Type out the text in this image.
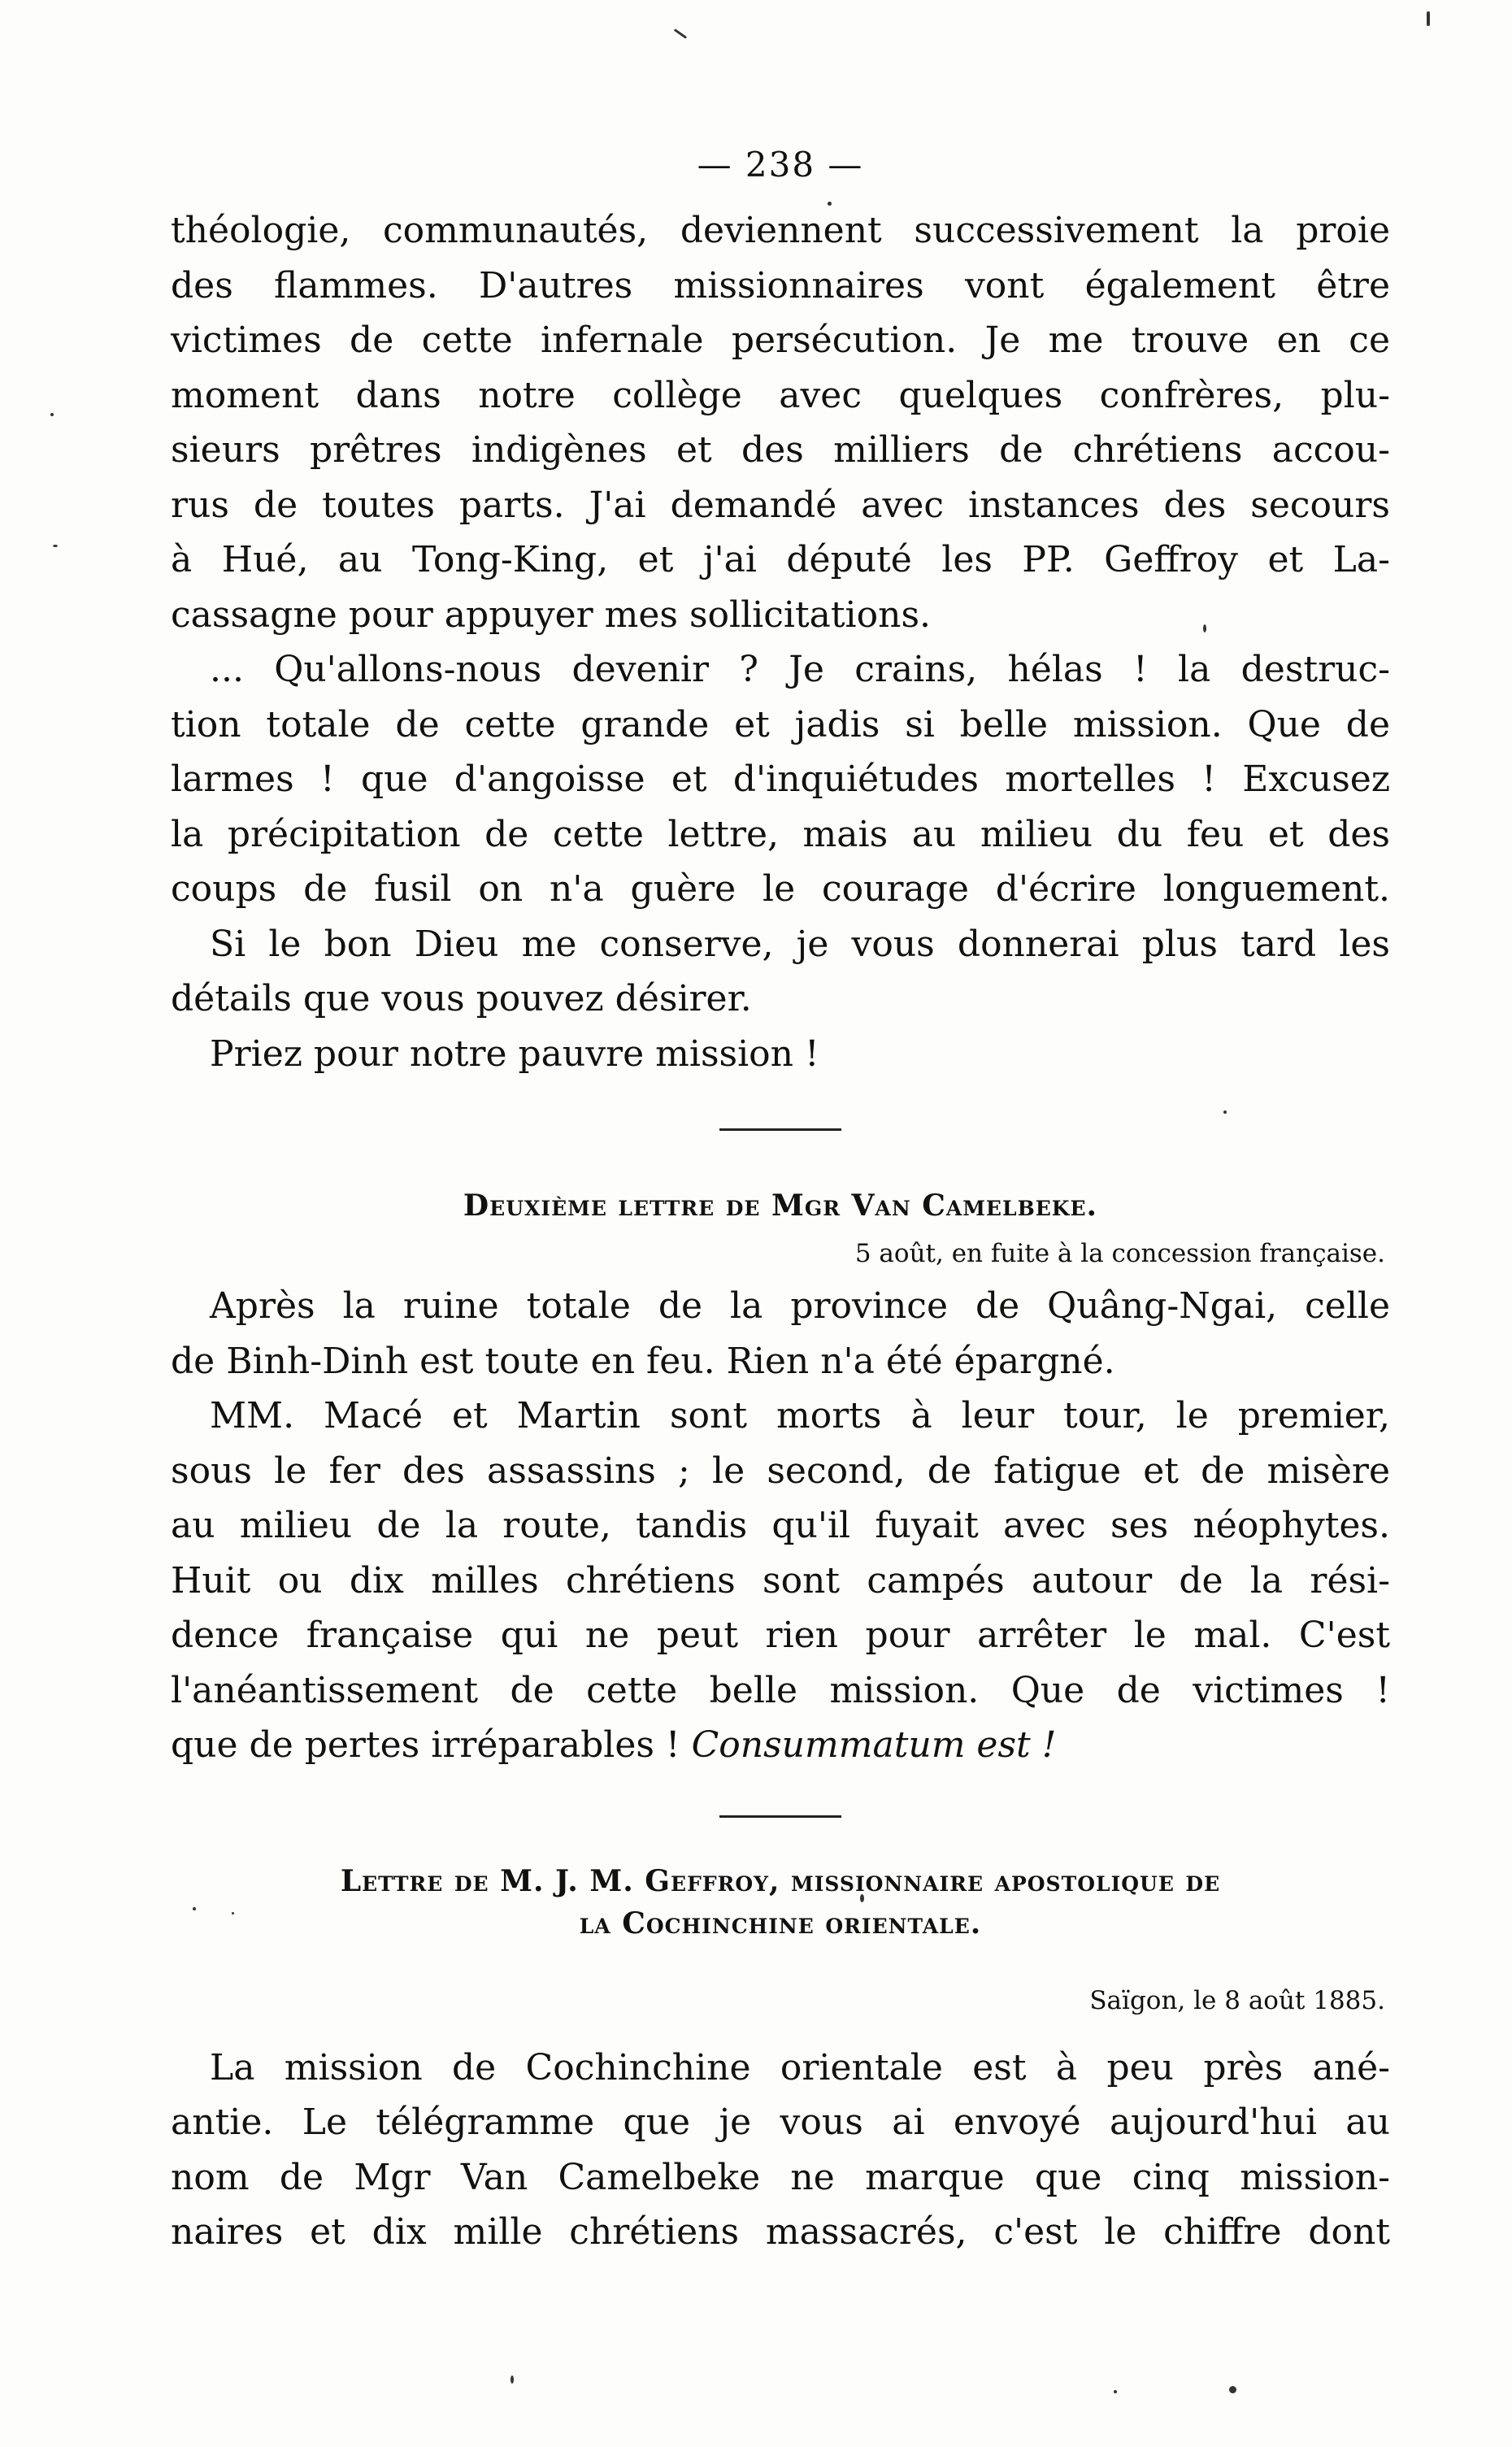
— 238 —

théologie, communautés, deviennent successivement la proie

des flammes. D'autres missionnaires vont également être

victimes de cette infernale persécution. Je me trouve en ce

moment dans notre collège avec quelques confrères, plu-

sieurs prêtres indigènes et des milliers de chrétiens accou-

rus de toutes parts. J'ai demandé avec instances des secours

à Hué, au Tong-King, et j'ai député les PP. Geffroy et La-

cassagne pour appuyer mes sollicitations.

... Qu'allons-nous devenir ? Je crains, hélas ! la destruc-

tion totale de cette grande et jadis si belle mission. Que de

larmes ! que d'angoisse et d'inquiétudes mortelles ! Excusez

la précipitation de cette lettre, mais au milieu du feu et des

coups de fusil on n'a guère le courage d'écrire longuement.

Si le bon Dieu me conserve, je vous donnerai plus tard les

détails que vous pouvez désirer.

Priez pour notre pauvre mission !

Deuxième lettre de Mgr Van Camelbeke.

5 août, en fuite à la concession française.

Après la ruine totale de la province de Quâng-Ngai, celle

de Binh-Dinh est toute en feu. Rien n'a été épargné.

MM. Macé et Martin sont morts à leur tour, le premier,

sous le fer des assassins ; le second, de fatigue et de misère

au milieu de la route, tandis qu'il fuyait avec ses néophytes.

Huit ou dix milles chrétiens sont campés autour de la rési-

dence française qui ne peut rien pour arrêter le mal. C'est

l'anéantissement de cette belle mission. Que de victimes !

que de pertes irréparables ! Consummatum est !

Lettre de M. J. M. Geffroy, missionnaire apostolique de
la Cochinchine orientale.

Saïgon, le 8 août 1885.

La mission de Cochinchine orientale est à peu près ané-

antie. Le télégramme que je vous ai envoyé aujourd'hui au

nom de Mgr Van Camelbeke ne marque que cinq mission-

naires et dix mille chrétiens massacrés, c'est le chiffre dont
